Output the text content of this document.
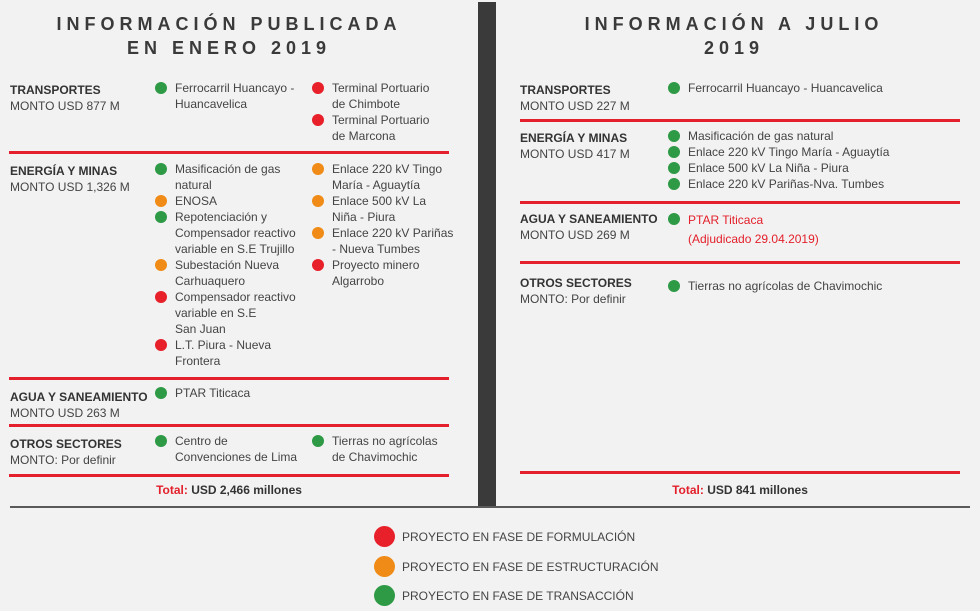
INFORMACIÓN PUBLICADA
EN ENERO 2019
TRANSPORTES
MONTO USD 877 M
Ferrocarril Huancayo -
Huancavelica
Terminal Portuario
de Chimbote
Terminal Portuario
de Marcona
ENERGÍA Y MINAS
MONTO USD 1,326 M
Masificación de gas
natural
ENOSA
Repotenciación y
Compensador reactivo
variable en S.E Trujillo
Subestación Nueva
Carhuaquero
Compensador reactivo
variable en S.E
San Juan
L.T. Piura - Nueva
Frontera
Enlace 220 kV Tingo
María - Aguaytía
Enlace 500 kV La
Niña - Piura
Enlace 220 kV Pariñas
- Nueva Tumbes
Proyecto minero
Algarrobo
AGUA Y SANEAMIENTO
MONTO USD 263 M
PTAR Titicaca
OTROS SECTORES
MONTO: Por definir
Centro de
Convenciones de Lima
Tierras no agrícolas
de Chavimochic
Total: USD 2,466 millones
INFORMACIÓN A JULIO
2019
TRANSPORTES
MONTO USD 227 M
Ferrocarril Huancayo - Huancavelica
ENERGÍA Y MINAS
MONTO USD 417 M
Masificación de gas natural
Enlace 220 kV Tingo María - Aguaytía
Enlace 500 kV La Niña - Piura
Enlace 220 kV Pariñas-Nva. Tumbes
AGUA Y SANEAMIENTO
MONTO USD 269 M
PTAR Titicaca
(Adjudicado 29.04.2019)
OTROS SECTORES
MONTO: Por definir
Tierras no agrícolas de Chavimochic
Total: USD 841 millones
PROYECTO EN FASE DE FORMULACIÓN
PROYECTO EN FASE DE ESTRUCTURACIÓN
PROYECTO EN FASE DE TRANSACCIÓN
